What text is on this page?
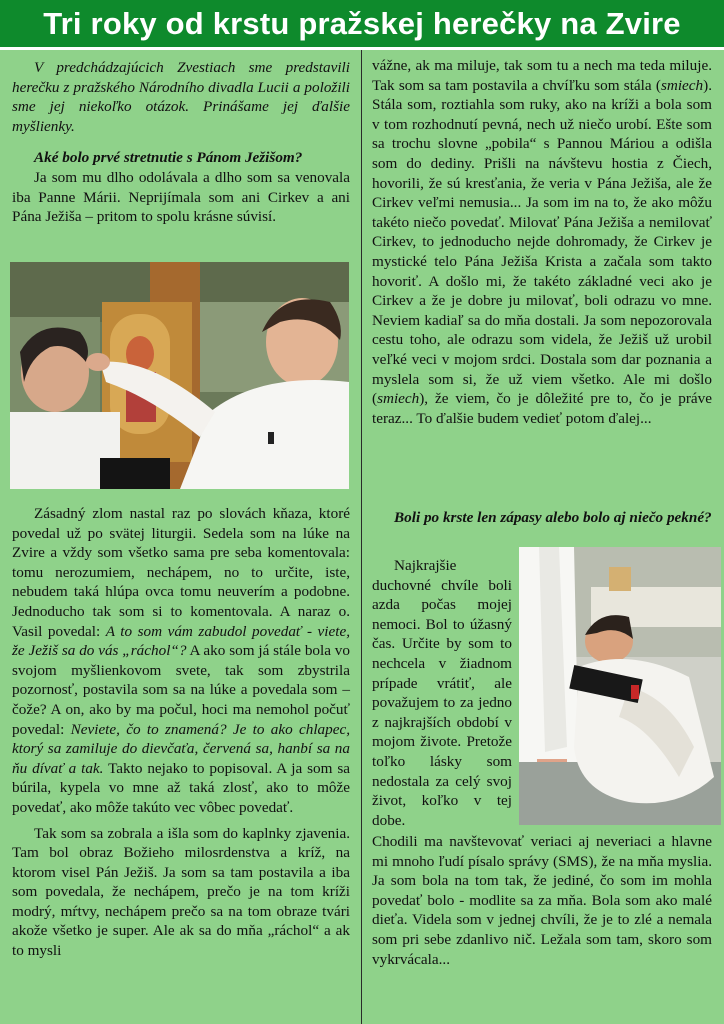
Tri roky od krstu pražskej herečky na Zvire

V predchádzajúcich Zvestiach sme predstavili herečku z pražského Národního divadla Lucii a položili sme jej niekoľko otázok. Prinášame jej ďalšie myšlienky.

Aké bolo prvé stretnutie s Pánom Ježišom?

Ja som mu dlho odolávala a dlho som sa venovala iba Panne Márii. Neprijímala som ani Cirkev a ani Pána Ježiša – pritom to spolu krásne súvisí.

Zásadný zlom nastal raz po slovách kňaza, ktoré povedal už po svätej liturgii. Sedela som na lúke na Zvire a vždy som všetko sama pre seba komentovala: tomu nerozumiem, nechápem, no to určite, iste, nebudem taká hlúpa ovca tomu neuverím a podobne. Jednoducho tak som si to komentovala. A naraz o. Vasil povedal: A to som vám zabudol povedať - viete, že Ježiš sa do vás „ráchol“? A ako som já stále bola vo svojom myšlienkovom svete, tak som zbystrila pozornosť, postavila som sa na lúke a povedala som – čože? A on, ako by ma počul, hoci ma nemohol počuť povedal: Neviete, čo to znamená? Je to ako chlapec, ktorý sa zamiluje do dievčaťa, červená sa, hanbí sa na ňu dívať a tak. Takto nejako to popisoval. A ja som sa búrila, kypela vo mne až taká zlosť, ako to môže povedať, ako môže takúto vec vôbec povedať.

Tak som sa zobrala a išla som do kaplnky zjavenia. Tam bol obraz Božieho milosrdenstva a kríž, na ktorom visel Pán Ježiš. Ja som sa tam postavila a iba som povedala, že nechápem, prečo je na tom kríži modrý, mŕtvy, nechápem prečo sa na tom obraze tvári akože všetko je super. Ale ak sa do mňa „ráchol“ a ak to mysli

vážne, ak ma miluje, tak som tu a nech ma teda miluje. Tak som sa tam postavila a chvíľku som stála (smiech). Stála som, roztiahla som ruky, ako na kríži a bola som v tom rozhodnutí pevná, nech už niečo urobí. Ešte som sa trochu slovne „pobila“ s Pannou Máriou a odišla som do dediny. Prišli na návštevu hostia z Čiech, hovorili, že sú kresťania, že veria v Pána Ježiša, ale že Cirkev veľmi nemusia... Ja som im na to, že ako môžu takéto niečo povedať. Milovať Pána Ježiša a nemilovať Cirkev, to jednoducho nejde dohromady, že Cirkev je mystické telo Pána Ježiša Krista a začala som takto hovoriť. A došlo mi, že takéto základné veci ako je Cirkev a že je dobre ju milovať, boli odrazu vo mne. Neviem kadiaľ sa do mňa dostali. Ja som nepozorovala cestu toho, ale odrazu som videla, že Ježiš už urobil veľké veci v mojom srdci. Dostala som dar poznania a myslela som si, že už viem všetko. Ale mi došlo (smiech), že viem, čo je dôležité pre to, čo je práve teraz... To ďalšie budem vedieť potom ďalej...

Boli po krste len zápasy alebo bolo aj niečo pekné?

Najkrajšie duchovné chvíle boli azda počas mojej nemoci. Bol to úžasný čas. Určite by som to nechcela v žiadnom prípade vrátiť, ale považujem to za jedno z najkrajších období v mojom živote. Pretože toľko lásky som nedostala za celý svoj život, koľko v tej dobe.

Chodili ma navštevovať veriaci aj neveriaci a hlavne mi mnoho ľudí písalo správy (SMS), že na mňa myslia. Ja som bola na tom tak, že jediné, čo som im mohla povedať bolo - modlite sa za mňa. Bola som ako malé dieťa. Videla som v jednej chvíli, že je to zlé a nemala som pri sebe zdanlivo nič. Ležala som tam, skoro som vykrvácala...
